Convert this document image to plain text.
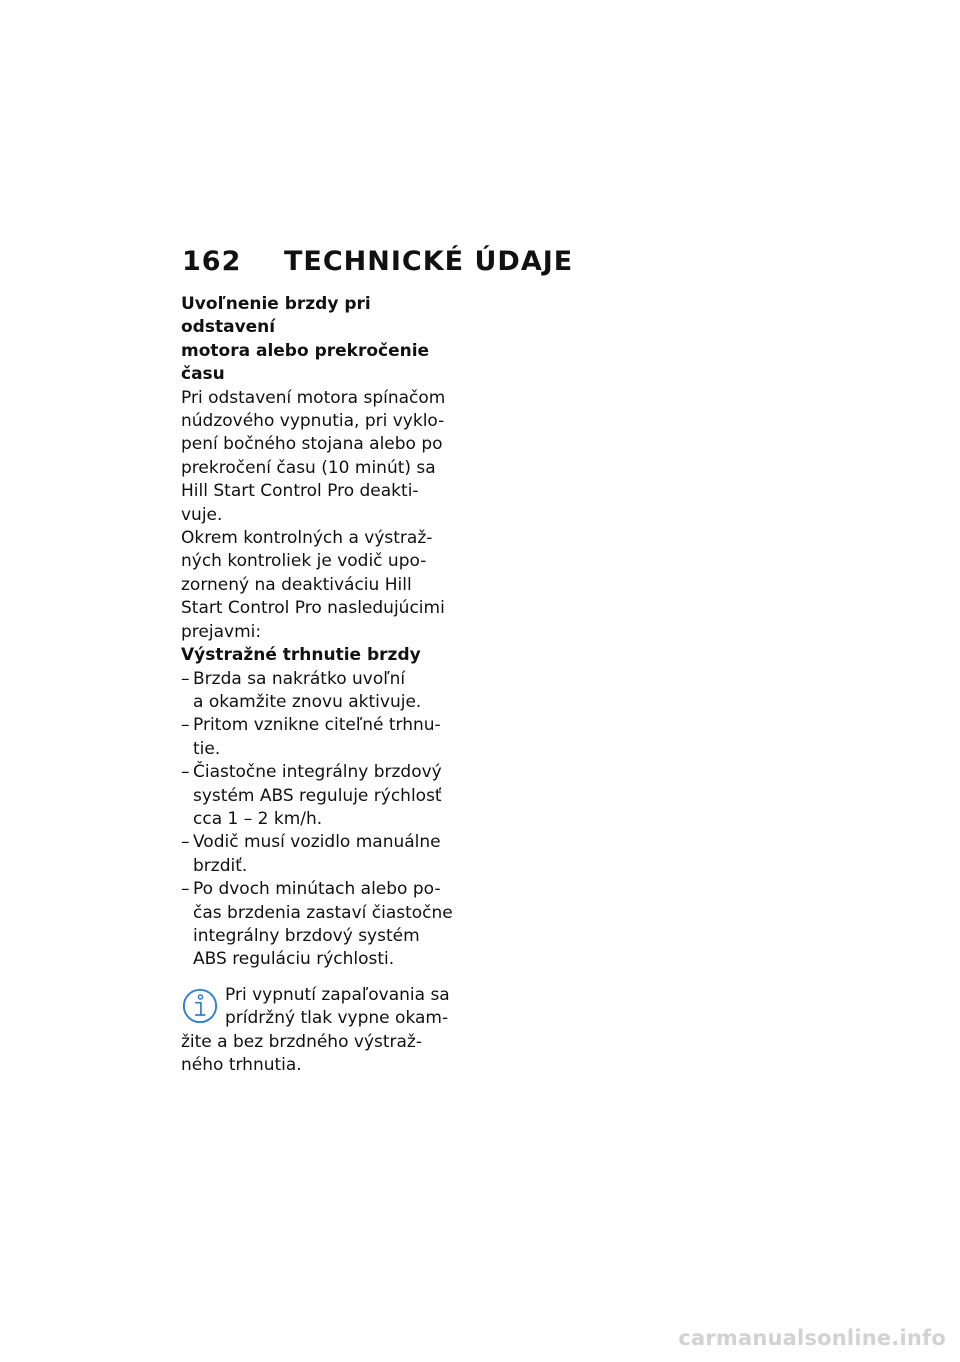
162 TECHNICKÉ ÚDAJE

Uvoľnenie brzdy pri odstavení
motora alebo prekročenie
času

Pri odstavení motora spínačom
núdzového vypnutia, pri vyklo-
pení bočného stojana alebo po
prekročení času (10 minút) sa
Hill Start Control Pro deakti-
vuje.

Okrem kontrolných a výstraž-
ných kontroliek je vodič upo-
zornený na deaktiváciu Hill
Start Control Pro nasledujúcimi
prejavmi:

Výstražné trhnutie brzdy

– Brzda sa nakrátko uvoľní
a okamžite znovu aktivuje.
– Pritom vznikne citeľné trhnu-
tie.
– Čiastočne integrálny brzdový
systém ABS reguluje rýchlosť
cca 1 – 2 km/h.
– Vodič musí vozidlo manuálne
brzdiť.
– Po dvoch minútach alebo po-
čas brzdenia zastaví čiastočne
integrálny brzdový systém
ABS reguláciu rýchlosti.
Pri vypnutí zapaľovania sa
prídržný tlak vypne okam-
žite a bez brzdného výstraž-
ného trhnutia.
carmanualsonline.info
